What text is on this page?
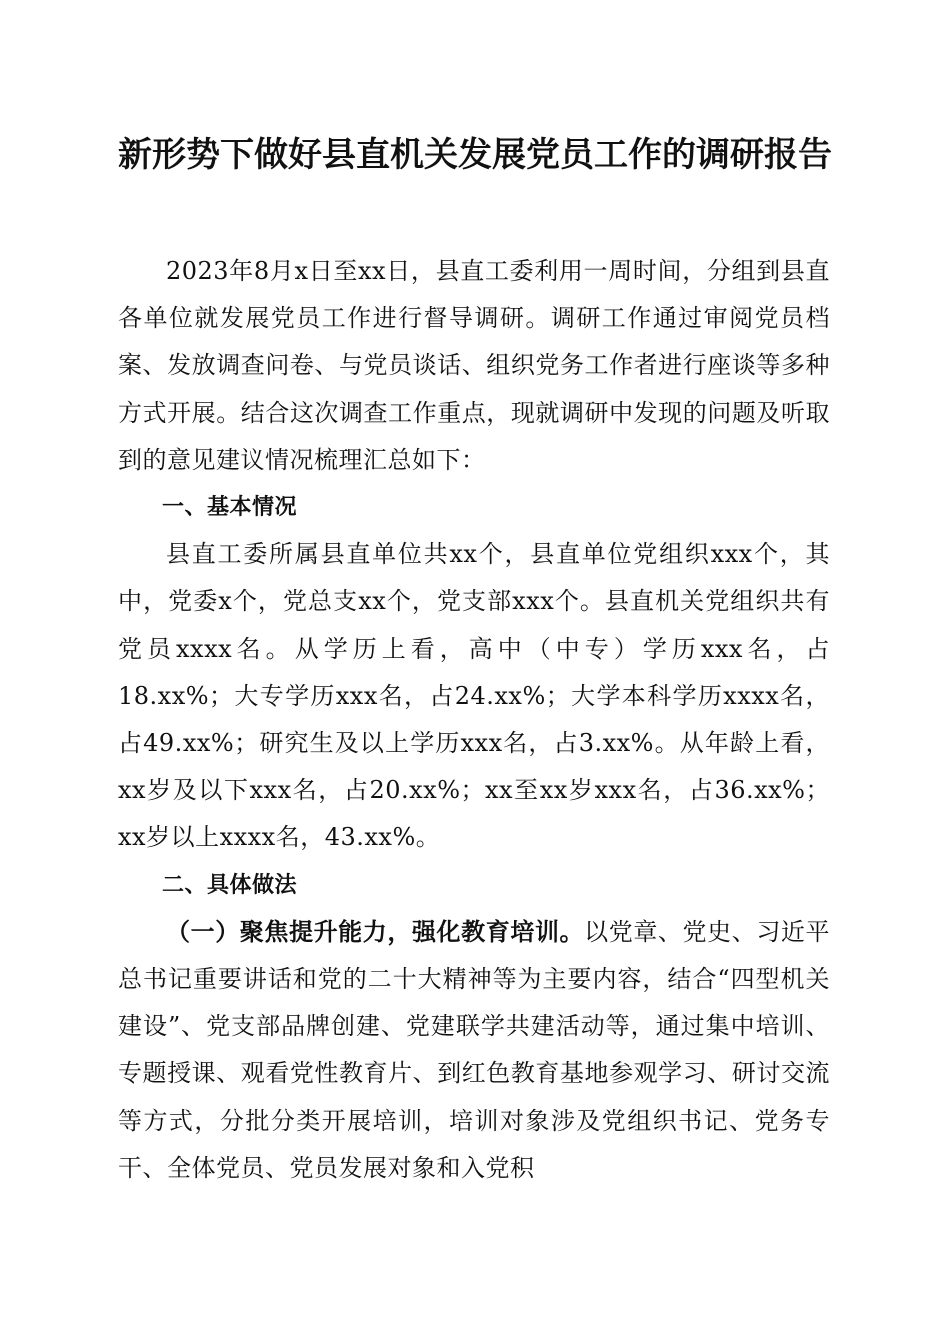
新形势下做好县直机关发展党员工作的调研报告

2023年8月x日至xx日，县直工委利用一周时间，分组到县直各单位就发展党员工作进行督导调研。调研工作通过审阅党员档案、发放调查问卷、与党员谈话、组织党务工作者进行座谈等多种方式开展。结合这次调查工作重点，现就调研中发现的问题及听取到的意见建议情况梳理汇总如下：

一、基本情况

县直工委所属县直单位共xx个，县直单位党组织xxx个，其中，党委x个，党总支xx个，党支部xxx个。县直机关党组织共有党员xxxx名。从学历上看，高中（中专）学历xxx名，占18.xx%；大专学历xxx名，占24.xx%；大学本科学历xxxx名，占49.xx%；研究生及以上学历xxx名，占3.xx%。从年龄上看，xx岁及以下xxx名，占20.xx%；xx至xx岁xxx名，占36.xx%；xx岁以上xxxx名，43.xx%。

二、具体做法

（一）聚焦提升能力，强化教育培训。以党章、党史、习近平总书记重要讲话和党的二十大精神等为主要内容，结合“四型机关建设”、党支部品牌创建、党建联学共建活动等，通过集中培训、专题授课、观看党性教育片、到红色教育基地参观学习、研讨交流等方式，分批分类开展培训，培训对象涉及党组织书记、党务专干、全体党员、党员发展对象和入党积
